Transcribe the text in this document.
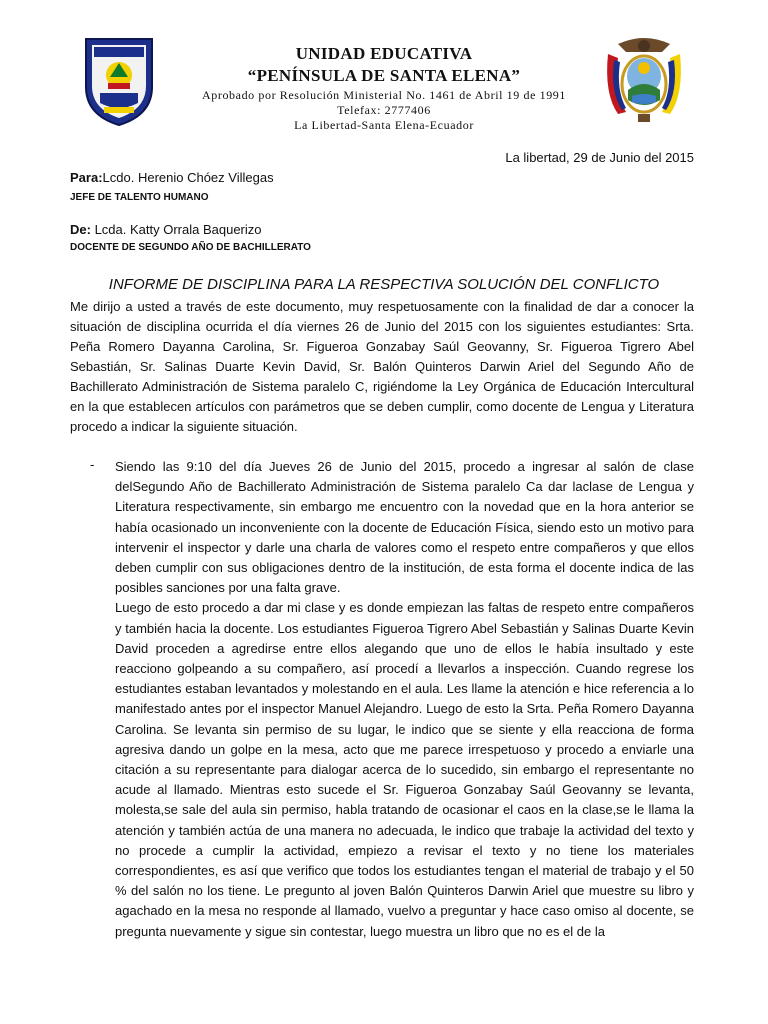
UNIDAD EDUCATIVA
“PENÍNSULA DE SANTA ELENA”
Aprobado por Resolución Ministerial No. 1461 de Abril 19 de 1991
Telefax: 2777406
La Libertad-Santa Elena-Ecuador
La libertad, 29 de Junio del 2015
Para:Lcdo. Herenio Chóez Villegas
JEFE DE TALENTO HUMANO
De: Lcda. Katty Orrala Baquerizo
DOCENTE DE SEGUNDO AÑO DE BACHILLERATO
INFORME DE DISCIPLINA PARA LA RESPECTIVA SOLUCIÓN DEL CONFLICTO
Me dirijo a usted a través de este documento, muy respetuosamente con la finalidad de dar a conocer la situación de disciplina ocurrida el día viernes 26 de Junio del 2015 con los siguientes estudiantes: Srta. Peña Romero Dayanna Carolina, Sr. Figueroa Gonzabay Saúl Geovanny, Sr. Figueroa Tigrero Abel Sebastián, Sr. Salinas Duarte Kevin David, Sr. Balón Quinteros Darwin Ariel del Segundo Año de Bachillerato Administración de Sistema paralelo C, rigiéndome la Ley Orgánica de Educación Intercultural en la que establecen artículos con parámetros que se deben cumplir, como docente de Lengua y Literatura procedo a indicar la siguiente situación.
- Siendo las 9:10 del día Jueves 26 de Junio del 2015, procedo a ingresar al salón de clase delSegundo Año de Bachillerato Administración de Sistema paralelo Ca dar laclase de Lengua y Literatura respectivamente, sin embargo me encuentro con la novedad que en la hora anterior se había ocasionado un inconveniente con la docente de Educación Física, siendo esto un motivo para intervenir el inspector y darle una charla de valores como el respeto entre compañeros y que ellos deben cumplir con sus obligaciones dentro de la institución, de esta forma el docente indica de las posibles sanciones por una falta grave.

Luego de esto procedo a dar mi clase y es donde empiezan las faltas de respeto entre compañeros y también hacia la docente. Los estudiantes Figueroa Tigrero Abel Sebastián y Salinas Duarte Kevin David proceden a agredirse entre ellos alegando que uno de ellos le había insultado y este reacciono golpeando a su compañero, así procedí a llevarlos a inspección. Cuando regrese los estudiantes estaban levantados y molestando en el aula. Les llame la atención e hice referencia a lo manifestado antes por el inspector Manuel Alejandro. Luego de esto la Srta. Peña Romero Dayanna Carolina. Se levanta sin permiso de su lugar, le indico que se siente y ella reacciona de forma agresiva dando un golpe en la mesa, acto que me parece irrespetuoso y procedo a enviarle una citación a su representante para dialogar acerca de lo sucedido, sin embargo el representante no acude al llamado. Mientras esto sucede el Sr. Figueroa Gonzabay Saúl Geovanny se levanta, molesta,se sale del aula sin permiso, habla tratando de ocasionar el caos en la clase,se le llama la atención y también actúa de una manera no adecuada, le indico que trabaje la actividad del texto y no procede a cumplir la actividad, empiezo a revisar el texto y no tiene los materiales correspondientes, es así que verifico que todos los estudiantes tengan el material de trabajo y el 50 % del salón no los tiene. Le pregunto al joven Balón Quinteros Darwin Ariel que muestre su libro y agachado en la mesa no responde al llamado, vuelvo a preguntar y hace caso omiso al docente, se pregunta nuevamente y sigue sin contestar, luego muestra un libro que no es el de la
